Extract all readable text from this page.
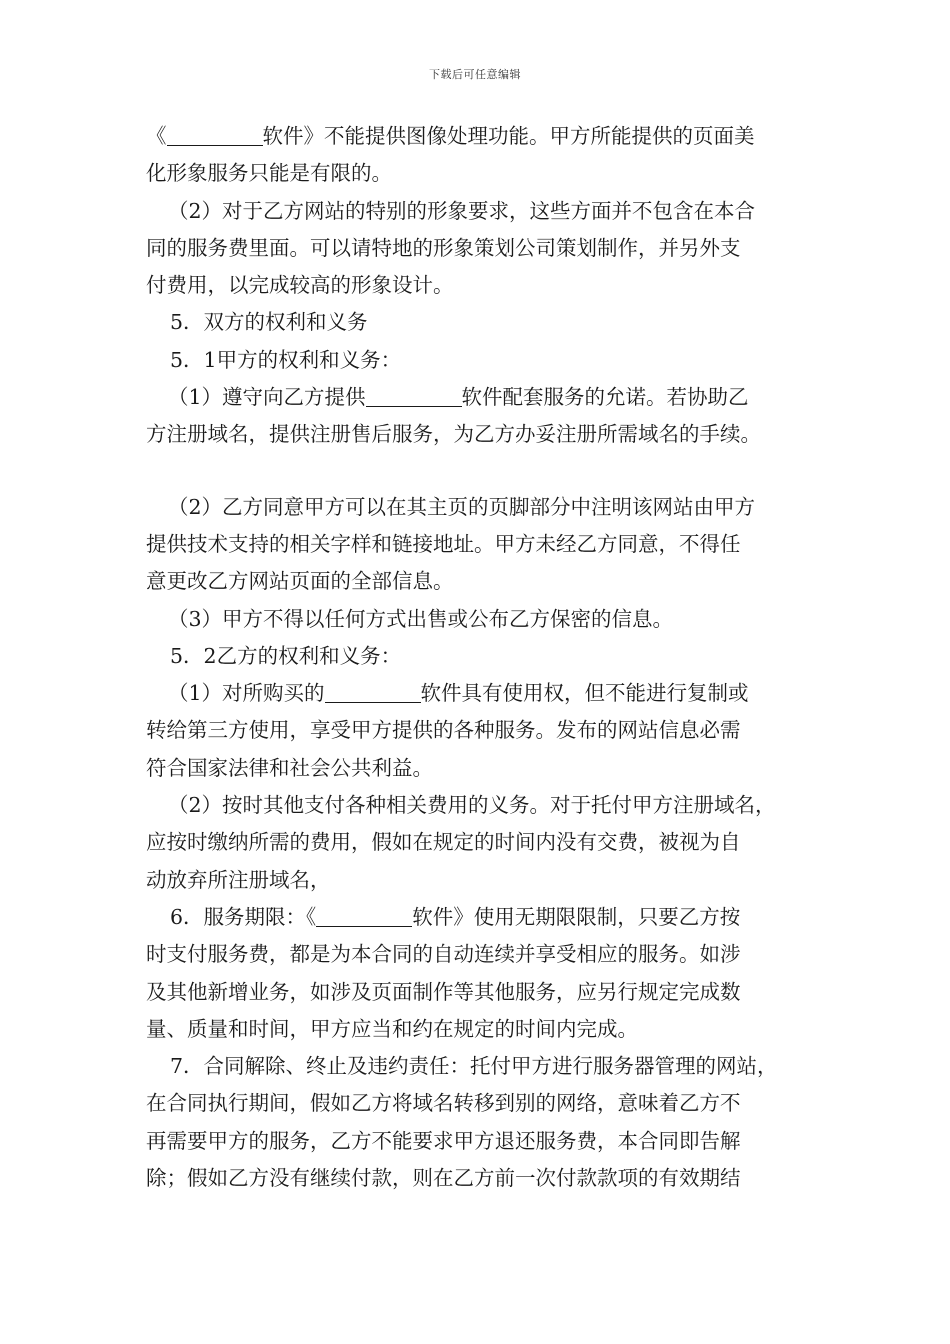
下载后可任意编辑
《	软件》不能提供图像处理功能。甲方所能提供的页面美
化形象服务只能是有限的。
（2）对于乙方网站的特别的形象要求，这些方面并不包含在本合
同的服务费里面。可以请特地的形象策划公司策划制作，并另外支
付费用，以完成较高的形象设计。
5．双方的权利和义务
5．1甲方的权利和义务：
（1）遵守向乙方提供	软件配套服务的允诺。若协助乙
方注册域名，提供注册售后服务，为乙方办妥注册所需域名的手续。
（2）乙方同意甲方可以在其主页的页脚部分中注明该网站由甲方
提供技术支持的相关字样和链接地址。甲方未经乙方同意，不得任
意更改乙方网站页面的全部信息。
（3）甲方不得以任何方式出售或公布乙方保密的信息。
5．2乙方的权利和义务：
（1）对所购买的	软件具有使用权，但不能进行复制或
转给第三方使用，享受甲方提供的各种服务。发布的网站信息必需
符合国家法律和社会公共利益。
（2）按时其他支付各种相关费用的义务。对于托付甲方注册域名，
应按时缴纳所需的费用，假如在规定的时间内没有交费，被视为自
动放弃所注册域名，
6．服务期限：《	软件》使用无期限限制，只要乙方按
时支付服务费，都是为本合同的自动连续并享受相应的服务。如涉
及其他新增业务，如涉及页面制作等其他服务，应另行规定完成数
量、质量和时间，甲方应当和约在规定的时间内完成。
7．合同解除、终止及违约责任：托付甲方进行服务器管理的网站，
在合同执行期间，假如乙方将域名转移到别的网络，意味着乙方不
再需要甲方的服务，乙方不能要求甲方退还服务费，本合同即告解
除；假如乙方没有继续付款，则在乙方前一次付款款项的有效期结
